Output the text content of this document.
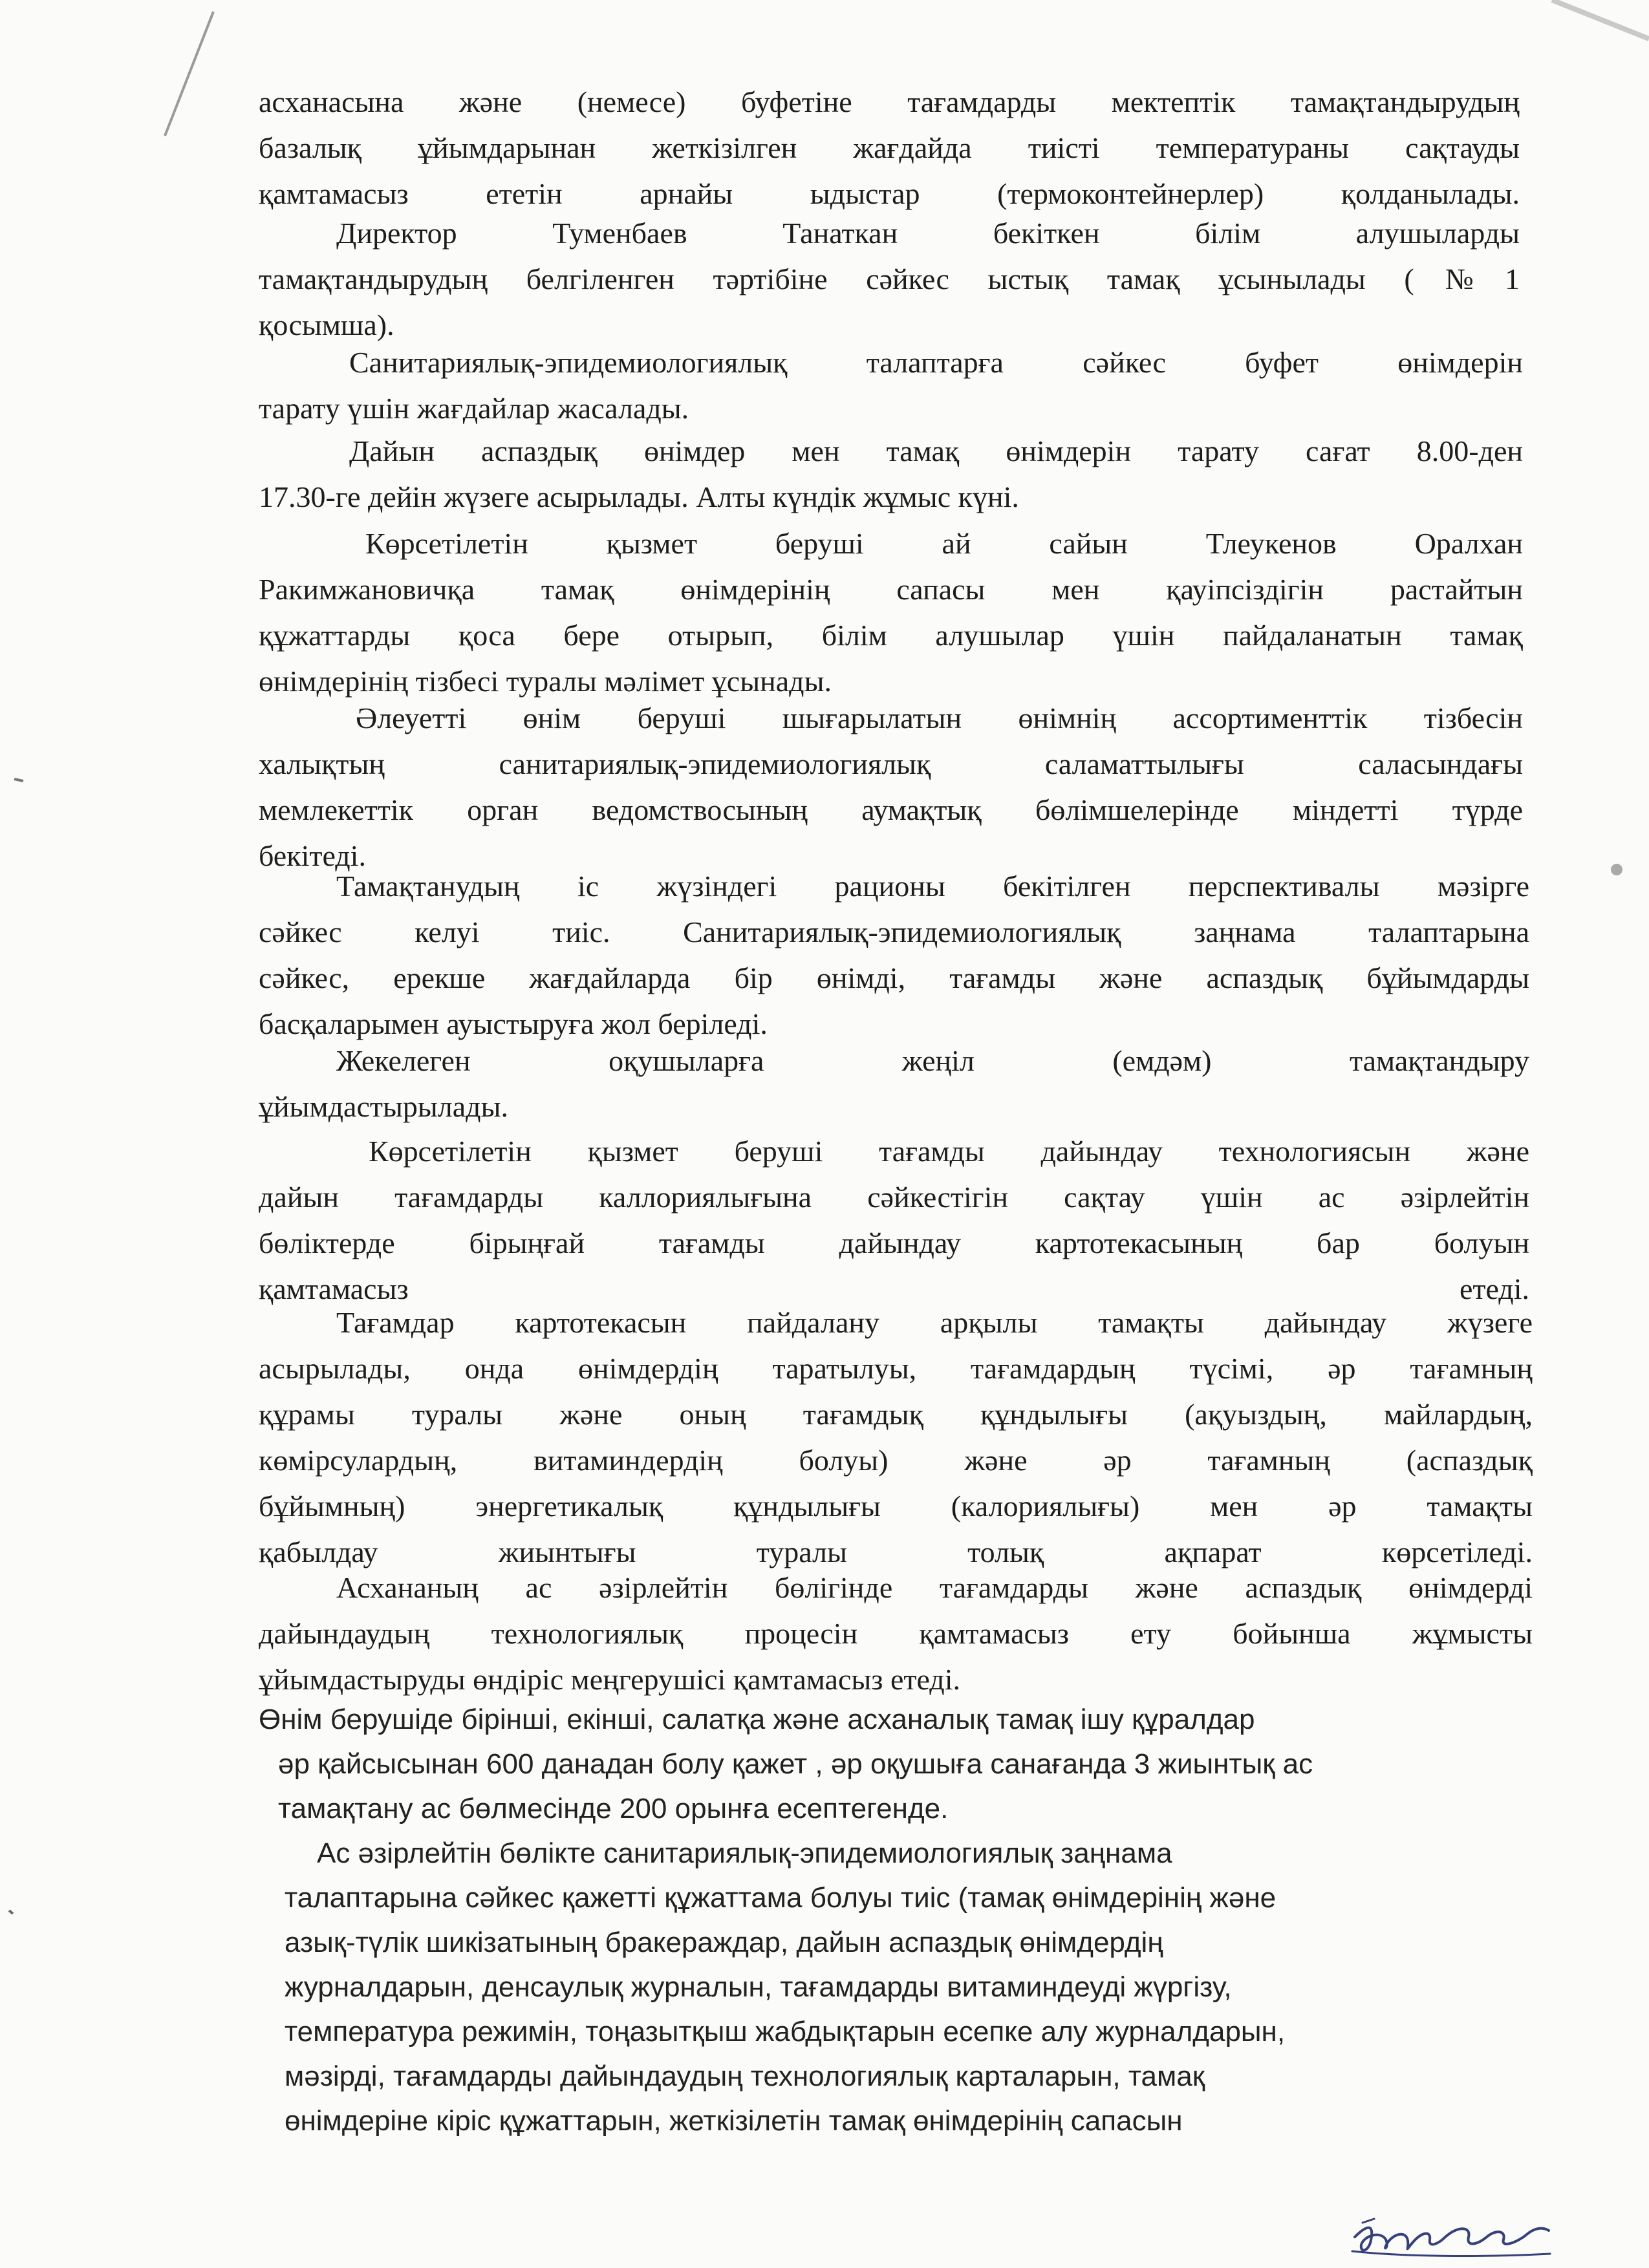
асханасына және (немесе) буфетіне тағамдарды мектептік тамақтандырудың
базалық ұйымдарынан жеткізілген жағдайда тиісті температураны сақтауды
қамтамасыз ететін арнайы ыдыстар (термоконтейнерлер) қолданылады.
Директор Туменбаев Танаткан бекіткен білім алушыларды
тамақтандырудың белгіленген тәртібіне сәйкес ыстық тамақ ұсынылады (№1
қосымша).
Санитариялық-эпидемиологиялық талаптарға сәйкес буфет өнімдерін
тарату үшін жағдайлар жасалады.
Дайын аспаздық өнімдер мен тамақ өнімдерін тарату сағат 8.00-ден
17.30-ге дейін жүзеге асырылады. Алты күндік жұмыс күні.
Көрсетілетін қызмет беруші ай сайын Тлеукенов Оралхан
Ракимжановичқа тамақ өнімдерінің сапасы мен қауіпсіздігін растайтын
құжаттарды қоса бере отырып, білім алушылар үшін пайдаланатын тамақ
өнімдерінің тізбесі туралы мәлімет ұсынады.
Әлеуетті өнім беруші шығарылатын өнімнің ассортименттік тізбесін
халықтың санитариялық-эпидемиологиялық саламаттылығы саласындағы
мемлекеттік орган ведомствосының аумақтық бөлімшелерінде міндетті түрде
бекітеді.
Тамақтанудың іс жүзіндегі рационы бекітілген перспективалы мәзірге
сәйкес келуі тиіс. Санитариялық-эпидемиологиялық заңнама талаптарына
сәйкес, ерекше жағдайларда бір өнімді, тағамды және аспаздық бұйымдарды
басқаларымен ауыстыруға жол беріледі.
Жекелеген оқушыларға жеңіл (емдәм) тамақтандыру
ұйымдастырылады.
Көрсетілетін қызмет беруші тағамды дайындау технологиясын және
дайын тағамдарды каллориялығына сәйкестігін сақтау үшін ас әзірлейтін
бөліктерде бірыңғай тағамды дайындау картотекасының бар болуын
қамтамасыз етеді.
Тағамдар картотекасын пайдалану арқылы тамақты дайындау жүзеге
асырылады, онда өнімдердің таратылуы, тағамдардың түсімі, әр тағамның
құрамы туралы және оның тағамдық құндылығы (ақуыздың, майлардың,
көмірсулардың, витаминдердің болуы) және әр тағамның (аспаздық
бұйымның) энергетикалық құндылығы (калориялығы) мен әр тамақты
қабылдау жиынтығы туралы толық ақпарат көрсетіледі.
Асхананың ас әзірлейтін бөлігінде тағамдарды және аспаздық өнімдерді
дайындаудың технологиялық процесін қамтамасыз ету бойынша жұмысты
ұйымдастыруды өндіріс меңгерушісі қамтамасыз етеді.
Өнім берушіде бірінші, екінші, салатқа және асханалық тамақ ішу құралдар
әр қайсысынан 600 данадан болу қажет , әр оқушыға санағанда 3 жиынтық ас
тамақтану ас бөлмесінде 200 орынға есептегенде.
Ас әзірлейтін бөлікте санитариялық-эпидемиологиялық заңнама
талаптарына сәйкес қажетті құжаттама болуы тиіс (тамақ өнімдерінің және
азық-түлік шикізатының бракераждар, дайын аспаздық өнімдердің
журналдарын, денсаулық журналын, тағамдарды витаминдеуді жүргізу,
температура режимін, тоңазытқыш жабдықтарын есепке алу журналдарын,
мәзірді, тағамдарды дайындаудың технологиялық карталарын, тамақ
өнімдеріне кіріс құжаттарын, жеткізілетін тамақ өнімдерінің сапасын
